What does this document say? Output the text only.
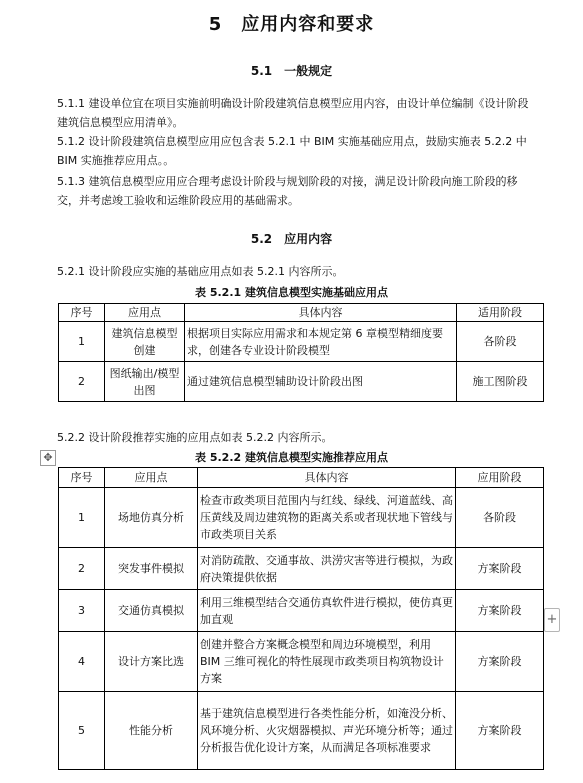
5　应用内容和要求
5.1　一般规定

5.1.1 建设单位宜在项目实施前明确设计阶段建筑信息模型应用内容，由设计单位编制《设计阶段建筑信息模型应用清单》。

5.1.2 设计阶段建筑信息模型应用应包含表 5.2.1 中 BIM 实施基础应用点，鼓励实施表 5.2.2 中 BIM 实施推荐应用点。。

5.1.3 建筑信息模型应用应合理考虑设计阶段与规划阶段的对接，满足设计阶段向施工阶段的移交，并考虑竣工验收和运维阶段应用的基础需求。

5.2　应用内容

5.2.1 设计阶段应实施的基础应用点如表 5.2.1 内容所示。

表 5.2.1 建筑信息模型实施基础应用点
序号	应用点	具体内容	适用阶段
1	建筑信息模型创建	根据项目实际应用需求和本规定第 6 章模型精细度要求，创建各专业设计阶段模型	各阶段
2	图纸输出/模型出图	通过建筑信息模型辅助设计阶段出图	施工图阶段

5.2.2 设计阶段推荐实施的应用点如表 5.2.2 内容所示。

✥	表 5.2.2 建筑信息模型实施推荐应用点
序号	应用点	具体内容	应用阶段
1	场地仿真分析	检查市政类项目范围内与红线、绿线、河道蓝线、高压黄线及周边建筑物的距离关系或者现状地下管线与市政类项目关系	各阶段
2	突发事件模拟	对消防疏散、交通事故、洪涝灾害等进行模拟，为政府决策提供依据	方案阶段
3	交通仿真模拟	利用三维模型结合交通仿真软件进行模拟，使仿真更加直观	方案阶段
4	设计方案比选	创建并整合方案概念模型和周边环境模型，利用 BIM 三维可视化的特性展现市政类项目构筑物设计方案	方案阶段
5	性能分析	基于建筑信息模型进行各类性能分析，如淹没分析、风环境分析、火灾烟器模拟、声光环境分析等；通过分析报告优化设计方案，从而满足各项标准要求	方案阶段
+
